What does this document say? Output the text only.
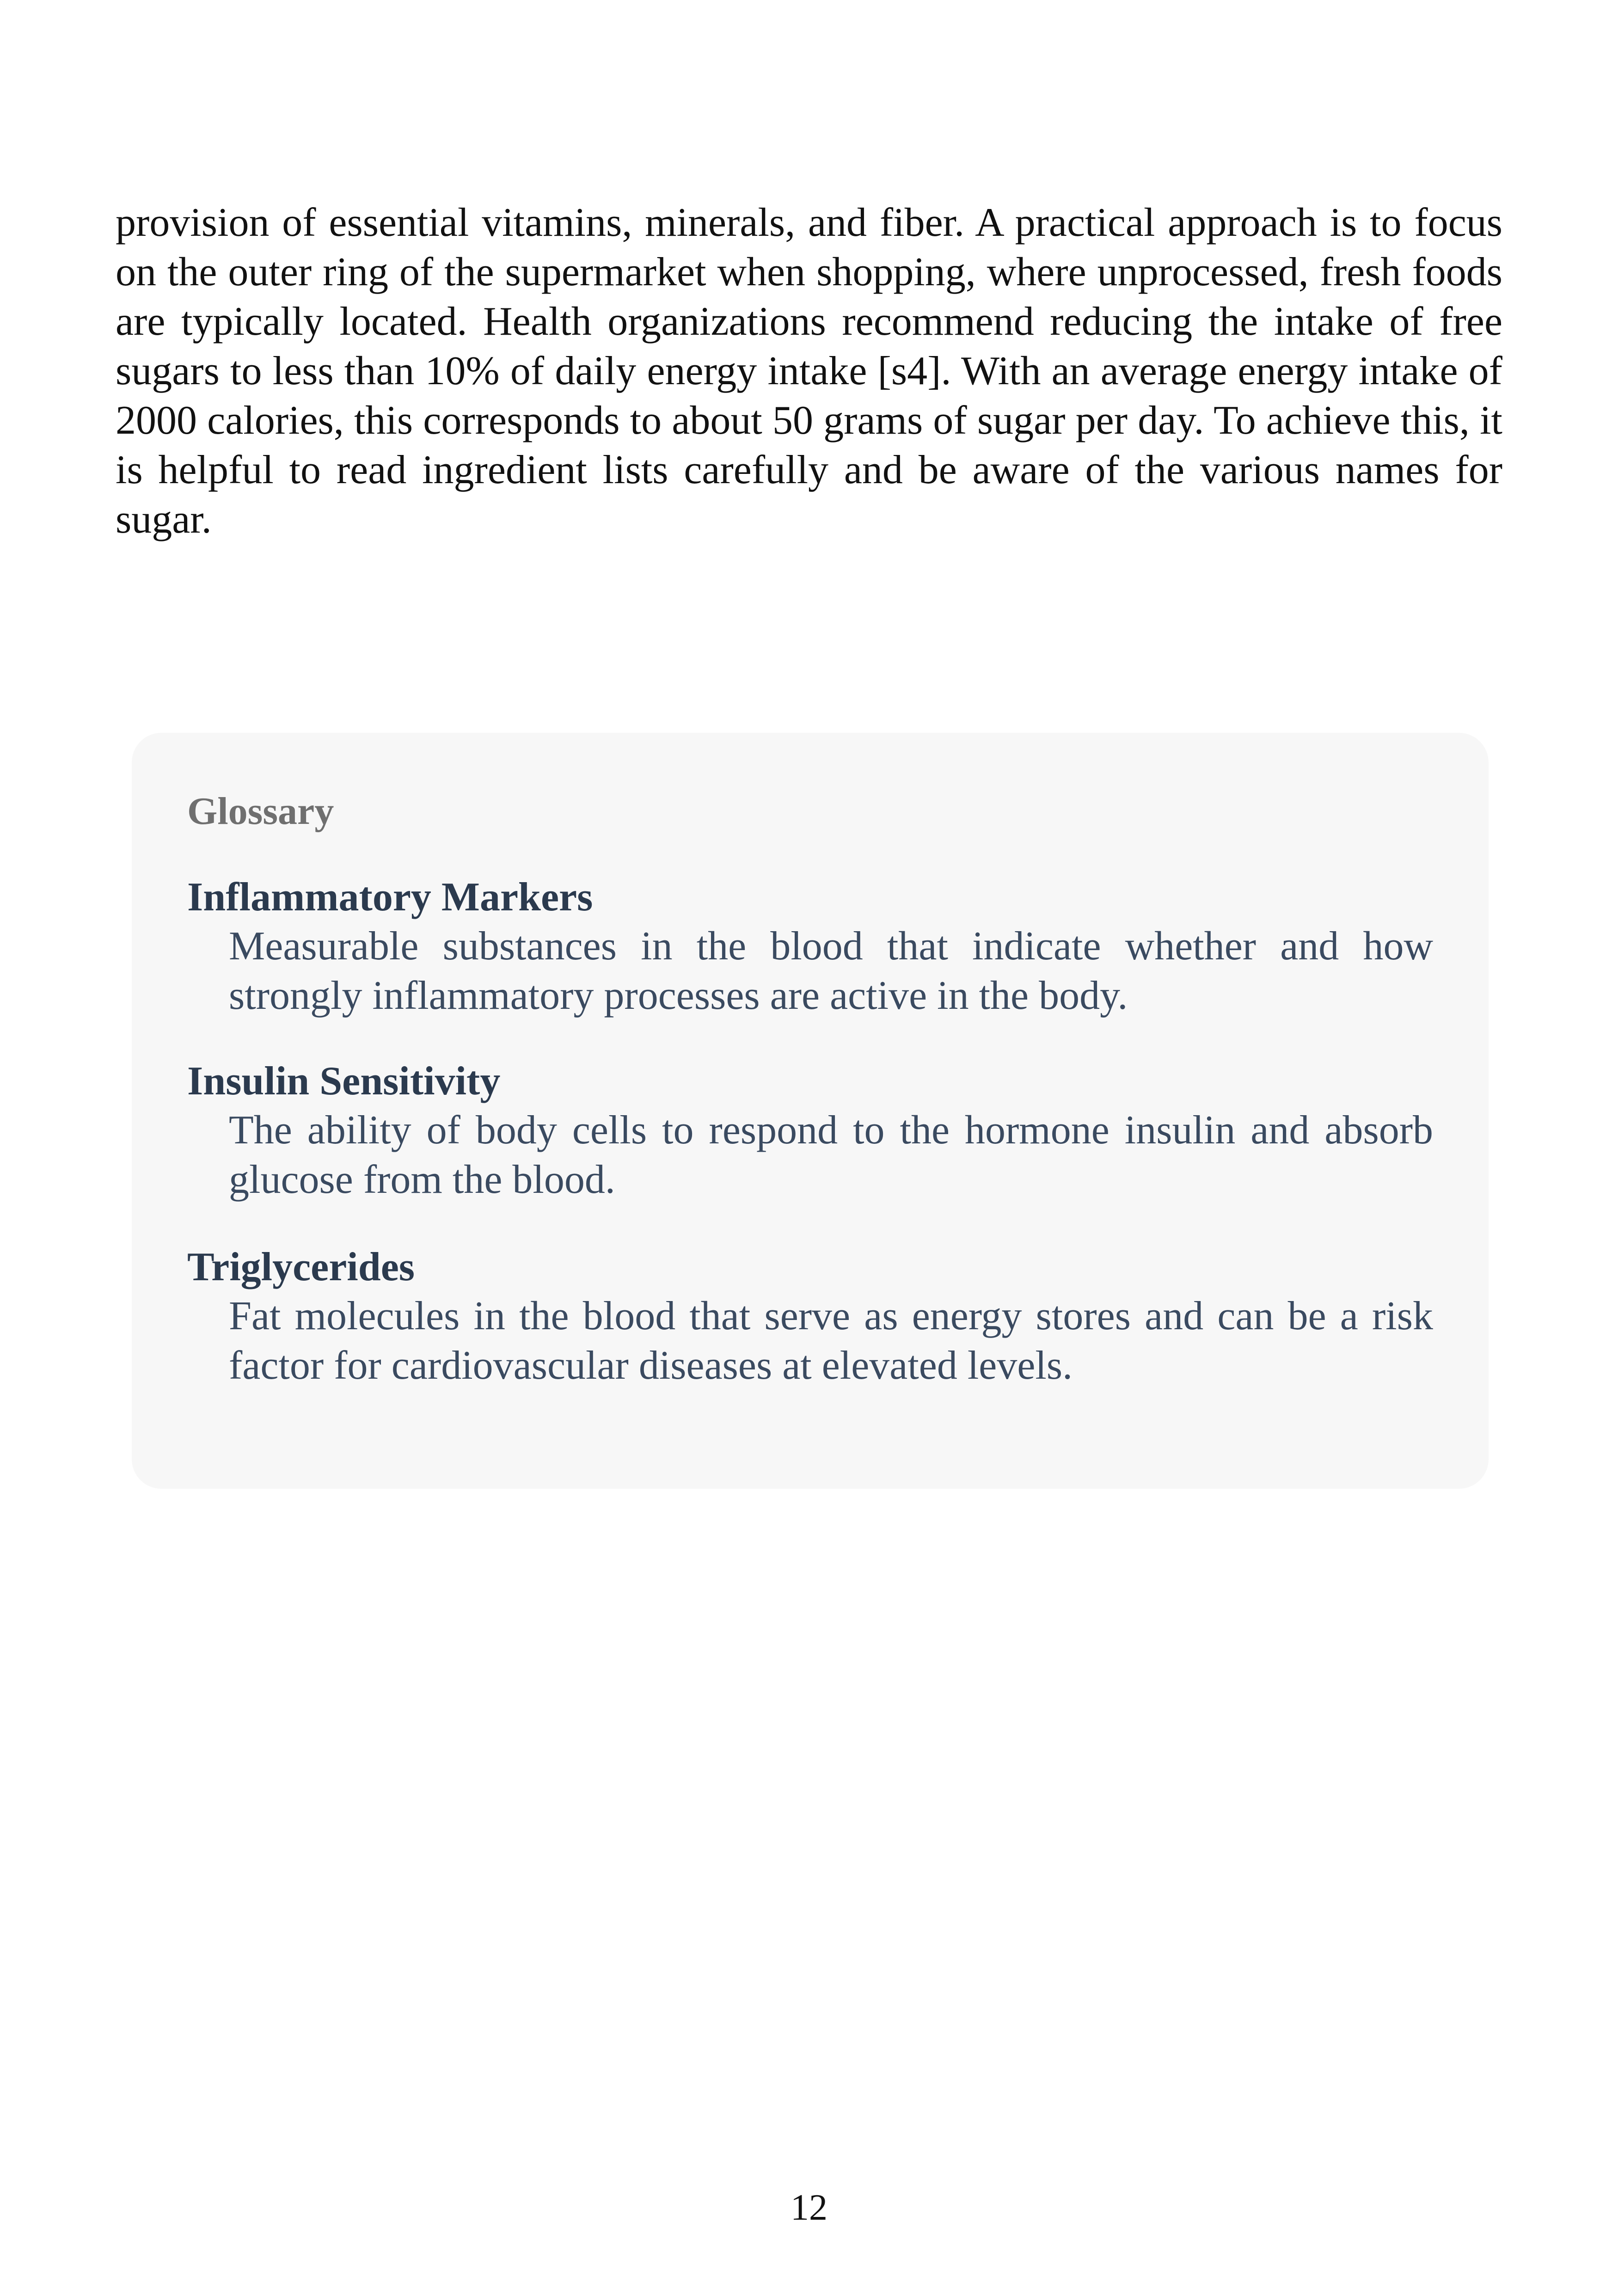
provision of essential vitamins, minerals, and fiber. A practical approach is to focus on the outer ring of the supermarket when shopping, where unprocessed, fresh foods are typically located. Health organizations recommend reducing the intake of free sugars to less than 10% of daily energy intake [s4]. With an average energy intake of 2000 calories, this corresponds to about 50 grams of sugar per day. To achieve this, it is helpful to read ingredient lists carefully and be aware of the various names for sugar.

Glossary

Inflammatory Markers

Measurable substances in the blood that indicate whether and how strongly inflammatory processes are active in the body.

Insulin Sensitivity

The ability of body cells to respond to the hormone insulin and absorb glucose from the blood.

Triglycerides

Fat molecules in the blood that serve as energy stores and can be a risk factor for cardiovascular diseases at elevated levels.

12
